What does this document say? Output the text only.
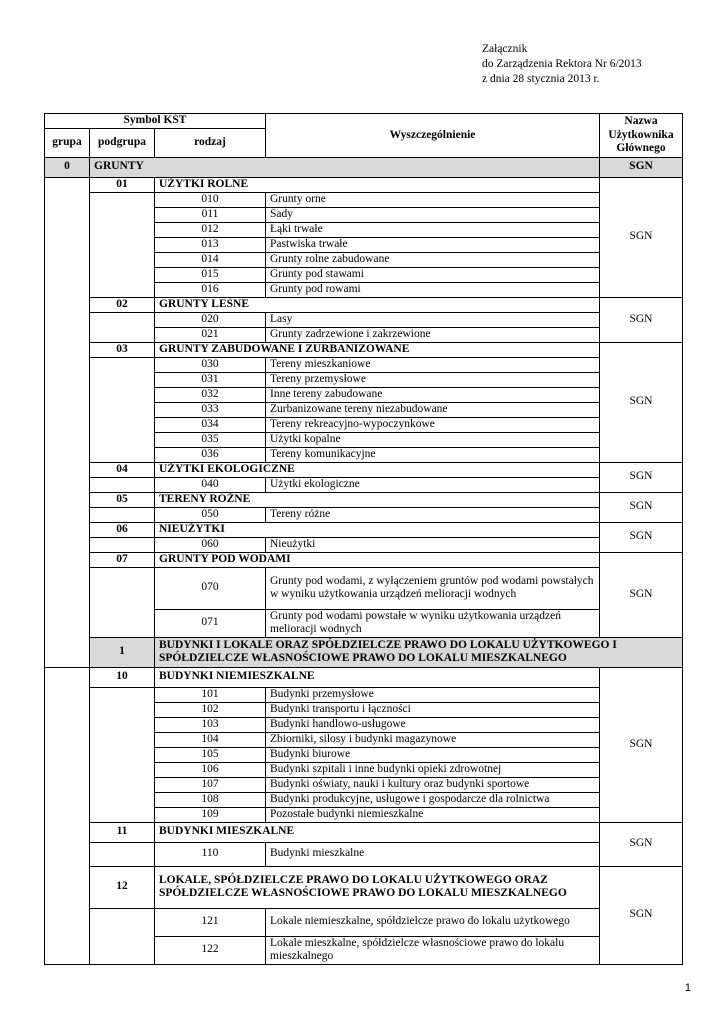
Załącznik
do Zarządzenia Rektora Nr 6/2013
z dnia 28 stycznia 2013 r.
Symbol KŚT			Wyszczególnienie	Nazwa Użytkownika Głównego	
grupa	podgrupa	rodzaj			
0	GRUNTY			SGN	
	01	UŻYTKI ROLNE		SGN	
		010	Grunty orne		
		011	Sady		
		012	Łąki trwałe		
		013	Pastwiska trwałe		
		014	Grunty rolne zabudowane		
		015	Grunty pod stawami		
		016	Grunty pod rowami		
	02	GRUNTY LEŚNE		SGN	
		020	Lasy		
		021	Grunty zadrzewione i zakrzewione		
	03	GRUNTY ZABUDOWANE I ZURBANIZOWANE		SGN	
		030	Tereny mieszkaniowe		
		031	Tereny przemysłowe		
		032	Inne tereny zabudowane		
		033	Zurbanizowane tereny niezabudowane		
		034	Tereny rekreacyjno-wypoczynkowe		
		035	Użytki kopalne		
		036	Tereny komunikacyjne		
	04	UŻYTKI EKOLOGICZNE		SGN	
		040	Użytki ekologiczne		
	05	TERENY RÓŻNE		SGN	
		050	Tereny różne		
	06	NIEUŻYTKI		SGN	
		060	Nieużytki		
	07	GRUNTY POD WODAMI		SGN	
		070	Grunty pod wodami, z wyłączeniem gruntów pod wodami powstałych w wyniku użytkowania urządzeń melioracji wodnych		
		071	Grunty pod wodami powstałe w wyniku użytkowania urządzeń melioracji wodnych		
	1	BUDYNKI I LOKALE ORAZ SPÓŁDZIELCZE PRAWO DO LOKALU UŻYTKOWEGO I SPÓŁDZIELCZE WŁASNOŚCIOWE PRAWO DO LOKALU MIESZKALNEGO	
	10	BUDYNKI NIEMIESZKALNE		SGN	
		101	Budynki przemysłowe		
		102	Budynki transportu i łączności		
		103	Budynki handlowo-usługowe		
		104	Zbiorniki, silosy i budynki magazynowe		
		105	Budynki biurowe		
		106	Budynki szpitali i inne budynki opieki zdrowotnej		
		107	Budynki oświaty, nauki i kultury oraz budynki sportowe		
		108	Budynki produkcyjne, usługowe i gospodarcze dla rolnictwa		
		109	Pozostałe budynki niemieszkalne		
	11	BUDYNKI MIESZKALNE		SGN	
		110	Budynki mieszkalne		
	12	LOKALE, SPÓŁDZIELCZE PRAWO DO LOKALU UŻYTKOWEGO ORAZ SPÓŁDZIELCZE WŁASNOŚCIOWE PRAWO DO LOKALU MIESZKALNEGO		SGN	
		121	Lokale niemieszkalne, spółdzielcze prawo do lokalu użytkowego		
		122	Lokale mieszkalne, spółdzielcze własnościowe prawo do lokalu mieszkalnego		
1
